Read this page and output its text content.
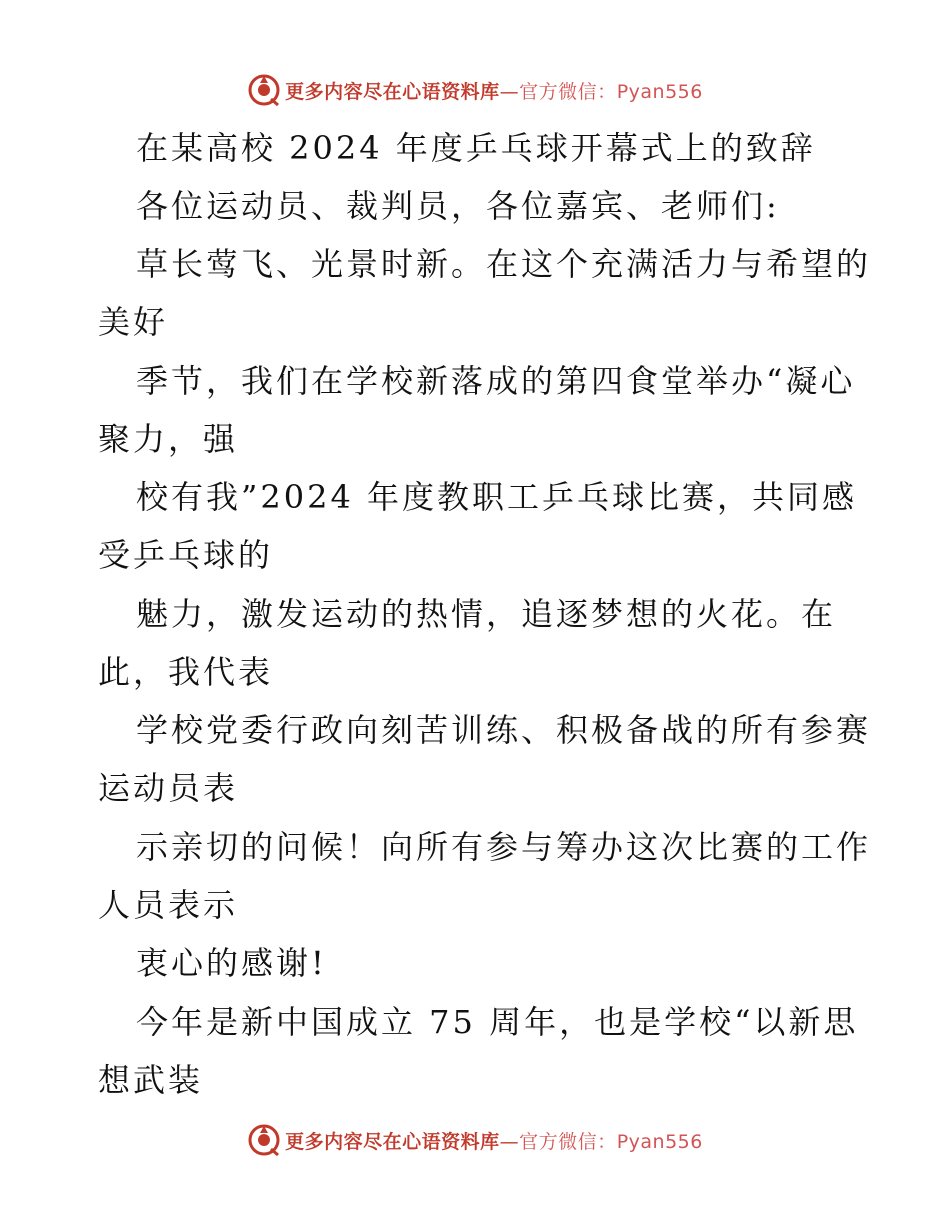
更多内容尽在心语资料库—官方微信：Pyan556
在某高校 2024 年度乒乓球开幕式上的致辞
各位运动员、裁判员，各位嘉宾、老师们:
草长莺飞、光景时新。在这个充满活力与希望的
美好
季节，我们在学校新落成的第四食堂举办“凝心
聚力，强
校有我”2024 年度教职工乒乓球比赛，共同感
受乒乓球的
魅力，激发运动的热情，追逐梦想的火花。在
此，我代表
学校党委行政向刻苦训练、积极备战的所有参赛
运动员表
示亲切的问候！向所有参与筹办这次比赛的工作
人员表示
衷心的感谢!
今年是新中国成立 75 周年，也是学校“以新思
想武装
更多内容尽在心语资料库—官方微信：Pyan556
